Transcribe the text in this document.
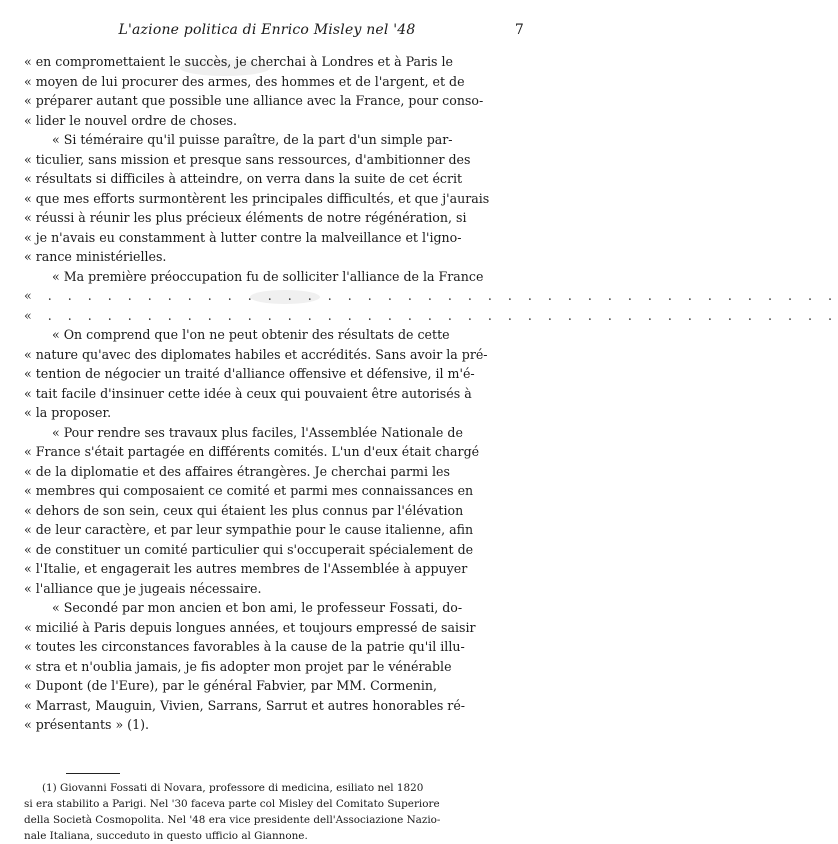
L'azione politica di Enrico Misley nel '48	7
« en compromettaient le succès, je cherchai à Londres et à Paris le
« moyen de lui procurer des armes, des hommes et de l'argent, et de
« préparer autant que possible une alliance avec la France, pour conso-
« lider le nouvel ordre de choses.
« Si téméraire qu'il puisse paraître, de la part d'un simple par-
« ticulier, sans mission et presque sans ressources, d'ambitionner des
« résultats si difficiles à atteindre, on verra dans la suite de cet écrit
« que mes efforts surmontèrent les principales difficultés, et que j'aurais
« réussi à réunir les plus précieux éléments de notre régénération, si
« je n'avais eu constamment à lutter contre la malveillance et l'igno-
« rance ministérielles.
« Ma première préoccupation fu de solliciter l'alliance de la France
« . . . . . . . . . . . . . . . . . . . . . . . . . . . . . . . . . . . . . . . .
« . . . . . . . . . . . . . . . . . . . . . . . . . . . . . . . . . . . . . . . .
« On comprend que l'on ne peut obtenir des résultats de cette
« nature qu'avec des diplomates habiles et accrédités. Sans avoir la pré-
« tention de négocier un traité d'alliance offensive et défensive, il m'é-
« tait facile d'insinuer cette idée à ceux qui pouvaient être autorisés à
« la proposer.
« Pour rendre ses travaux plus faciles, l'Assemblée Nationale de
« France s'était partagée en différents comités. L'un d'eux était chargé
« de la diplomatie et des affaires étrangères. Je cherchai parmi les
« membres qui composaient ce comité et parmi mes connaissances en
« dehors de son sein, ceux qui étaient les plus connus par l'élévation
« de leur caractère, et par leur sympathie pour le cause italienne, afin
« de constituer un comité particulier qui s'occuperait spécialement de
« l'Italie, et engagerait les autres membres de l'Assemblée à appuyer
« l'alliance que je jugeais nécessaire.
« Secondé par mon ancien et bon ami, le professeur Fossati, do-
« micilié à Paris depuis longues années, et toujours empressé de saisir
« toutes les circonstances favorables à la cause de la patrie qu'il illu-
« stra et n'oublia jamais, je fis adopter mon projet par le vénérable
« Dupont (de l'Eure), par le général Fabvier, par MM. Cormenin,
« Marrast, Mauguin, Vivien, Sarrans, Sarrut et autres honorables ré-
« présentants » (1).
(1) Giovanni Fossati di Novara, professore di medicina, esiliato nel 1820
si era stabilito a Parigi. Nel '30 faceva parte col Misley del Comitato Superiore
della Società Cosmopolita. Nel '48 era vice presidente dell'Associazione Nazio-
nale Italiana, succeduto in questo ufficio al Giannone.
